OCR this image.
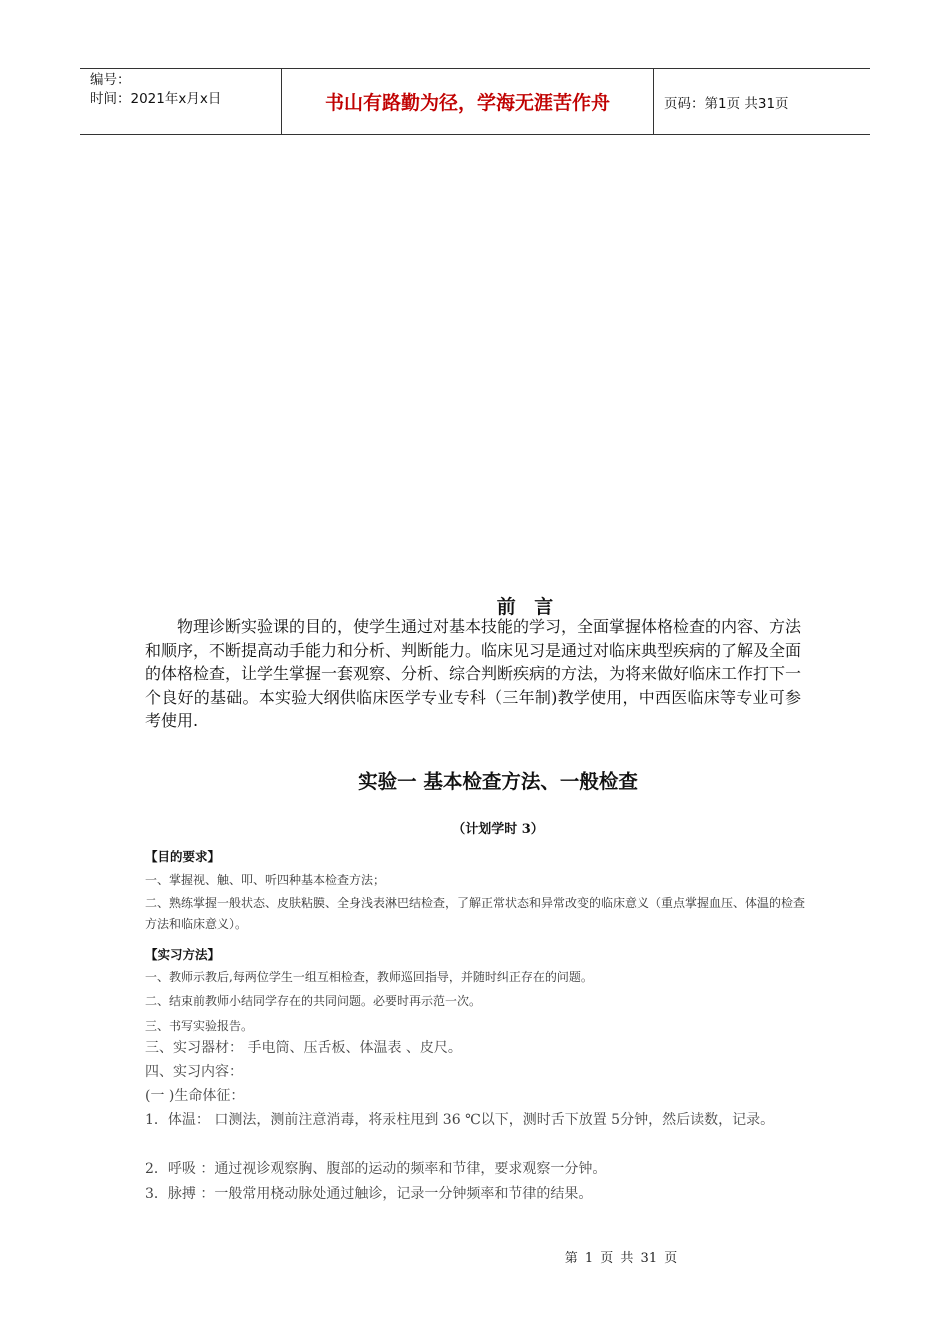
编号：
时间：2021年x月x日	书山有路勤为径，学海无涯苦作舟	页码：第1页 共31页
前 言
物理诊断实验课的目的，使学生通过对基本技能的学习，全面掌握体格检查的内容、方法和顺序，不断提高动手能力和分析、判断能力。临床见习是通过对临床典型疾病的了解及全面的体格检查，让学生掌握一套观察、分析、综合判断疾病的方法，为将来做好临床工作打下一个良好的基础。本实验大纲供临床医学专业专科（三年制)教学使用，中西医临床等专业可参考使用.
实验一 基本检查方法、一般检查
（计划学时 3）
【目的要求】
一、掌握视、触、叩、听四种基本检查方法；
二、熟练掌握一般状态、皮肤粘膜、全身浅表淋巴结检查，了解正常状态和异常改变的临床意义（重点掌握血压、体温的检查方法和临床意义）。
【实习方法】
一、教师示教后,每两位学生一组互相检查，教师巡回指导，并随时纠正存在的问题。
二、结束前教师小结同学存在的共同问题。必要时再示范一次。
三、书写实验报告。
三、实习器材： 手电筒、压舌板、体温表 、皮尺。
四、实习内容：
(一 )生命体征：
1．体温： 口测法，测前注意消毒，将汞柱甩到 36 ℃以下，测时舌下放置 5分钟，然后读数，记录。
2．呼吸 ：通过视诊观察胸、腹部的运动的频率和节律，要求观察一分钟。
3．脉搏 ：一般常用桡动脉处通过触诊，记录一分钟频率和节律的结果。
第 1 页 共 31 页
